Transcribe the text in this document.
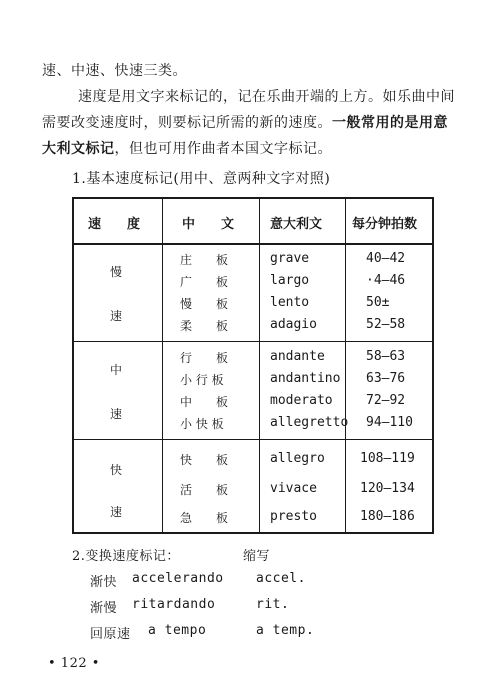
速、中速、快速三类。
速度是用文字来标记的，记在乐曲开端的上方。如乐曲中间
需要改变速度时，则要标记所需的新的速度。一般常用的是用意
大利文标记，但也可用作曲者本国文字标记。
1.基本速度标记(用中、意两种文字对照)
速　　度	中　　文	意大利文 每分钟拍数
慢
速
庄　　板	grave	40—42
广　　板	largo	·4—46
慢　　板	lento	50±
柔　　板	adagio	52—58
中
速
行　　板	andante	58—63
小 行 板	andantino 63—76
中　　板	moderato	72—92
小 快 板	allegretto 94—110
快
速
快　　板	allegro	108—119
活　　板	vivace	120—134
急　　板	presto	180—186
2.变换速度标记：	缩写
渐快 accelerando accel.
渐慢 ritardando	rit.
回原速 a tempo	a temp.
• 122 •
